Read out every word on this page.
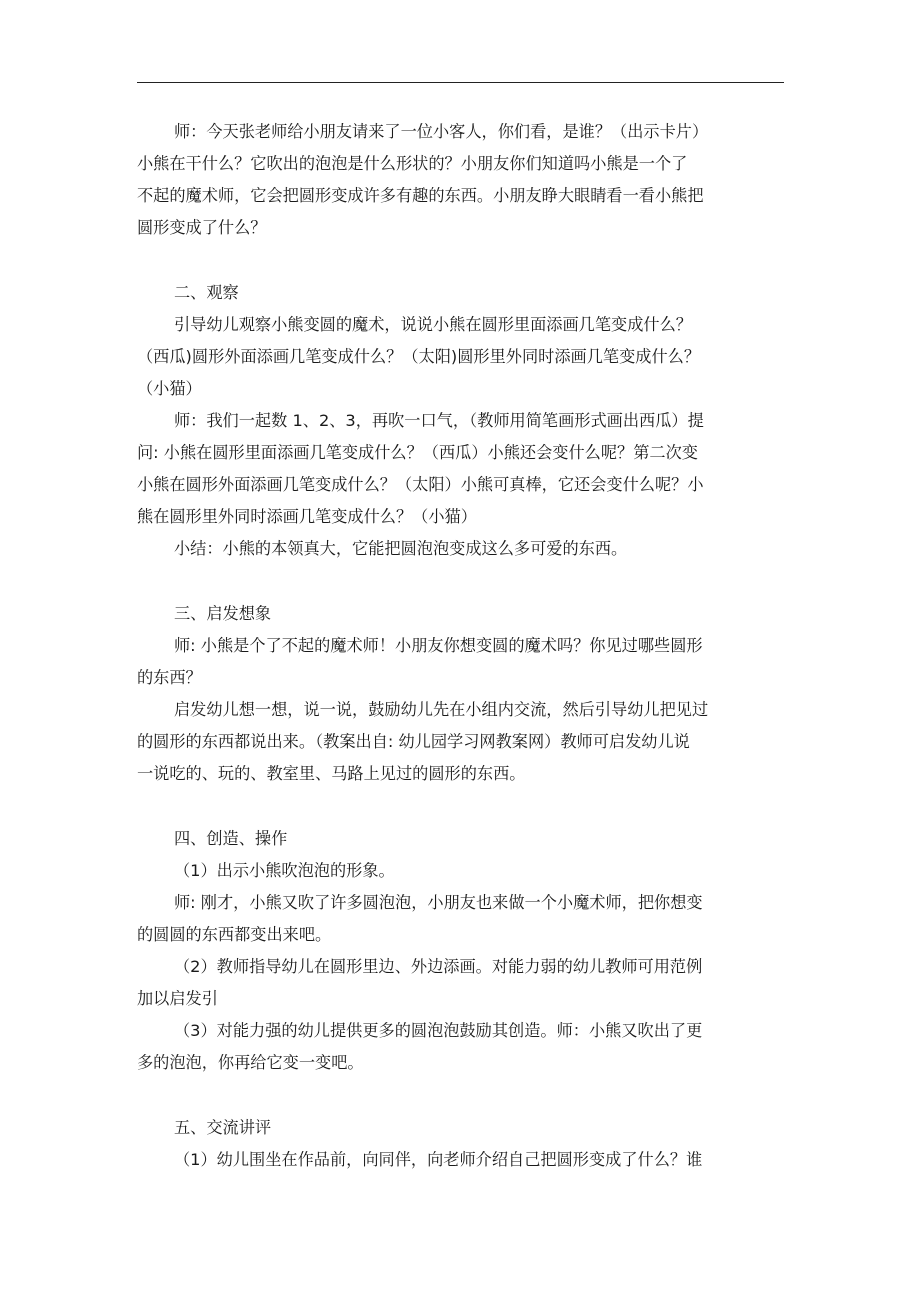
师：今天张老师给小朋友请来了一位小客人，你们看，是谁？（出示卡片）
小熊在干什么？它吹出的泡泡是什么形状的？小朋友你们知道吗小熊是一个了
不起的魔术师，它会把圆形变成许多有趣的东西。小朋友睁大眼睛看一看小熊把
圆形变成了什么？
二、观察
引导幼儿观察小熊变圆的魔术，说说小熊在圆形里面添画几笔变成什么？
（西瓜)圆形外面添画几笔变成什么？（太阳)圆形里外同时添画几笔变成什么？
（小猫）
师：我们一起数 1、2、3，再吹一口气，（教师用简笔画形式画出西瓜）提
问: 小熊在圆形里面添画几笔变成什么？（西瓜）小熊还会变什么呢？第二次变
小熊在圆形外面添画几笔变成什么？（太阳）小熊可真棒，它还会变什么呢？小
熊在圆形里外同时添画几笔变成什么？（小猫）
小结：小熊的本领真大，它能把圆泡泡变成这么多可爱的东西。
三、启发想象
师: 小熊是个了不起的魔术师！小朋友你想变圆的魔术吗？你见过哪些圆形
的东西？
启发幼儿想一想，说一说，鼓励幼儿先在小组内交流，然后引导幼儿把见过
的圆形的东西都说出来。（教案出自: 幼儿园学习网教案网）教师可启发幼儿说
一说吃的、玩的、教室里、马路上见过的圆形的东西。
四、创造、操作
（1）出示小熊吹泡泡的形象。
师: 刚才，小熊又吹了许多圆泡泡，小朋友也来做一个小魔术师，把你想变
的圆圆的东西都变出来吧。
（2）教师指导幼儿在圆形里边、外边添画。对能力弱的幼儿教师可用范例
加以启发引
（3）对能力强的幼儿提供更多的圆泡泡鼓励其创造。师：小熊又吹出了更
多的泡泡，你再给它变一变吧。
五、交流讲评
（1）幼儿围坐在作品前，向同伴，向老师介绍自己把圆形变成了什么？谁
